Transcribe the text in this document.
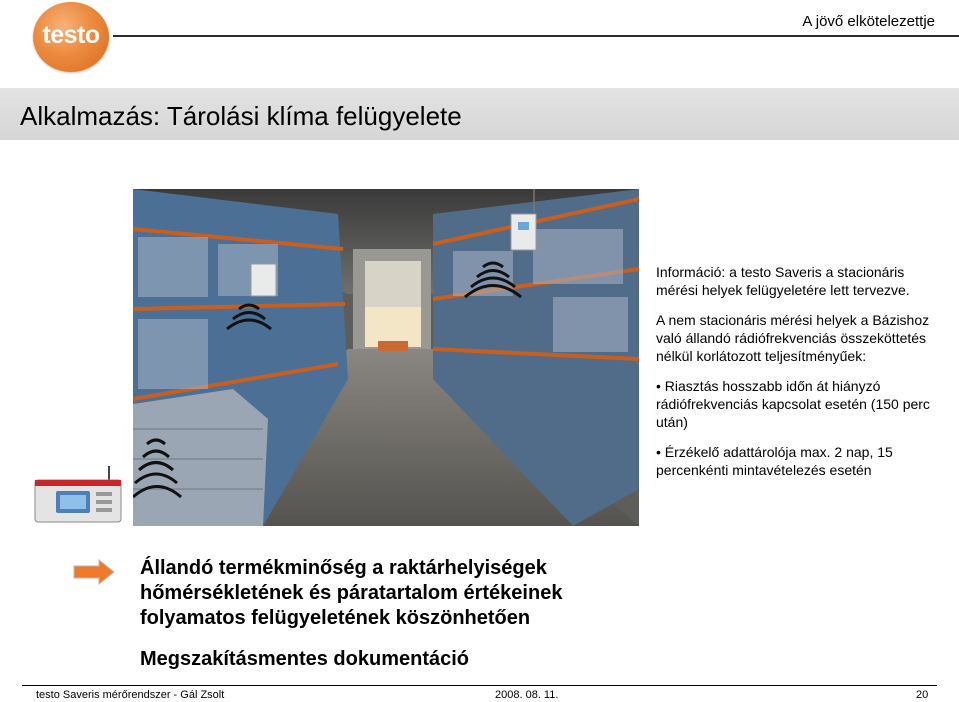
testo	A jövő elkötelezettje
Alkalmazás: Tárolási klíma felügyelete

Információ: a testo Saveris a stacionáris mérési helyek felügyeletére lett tervezve.

A nem stacionáris mérési helyek a Bázishoz való állandó rádiófrekvenciás összeköttetés nélkül korlátozott teljesítményűek:

• Riasztás hosszabb időn át hiányzó rádiófrekvenciás kapcsolat esetén (150 perc után)

• Érzékelő adattárolója max. 2 nap, 15 percenkénti mintavételezés esetén

Állandó termékminőség a raktárhelyiségek hőmérsékletének és páratartalom értékeinek folyamatos felügyeletének köszönhetően
Megszakításmentes dokumentáció
testo Saveris mérőrendszer - Gál Zsolt	2008. 08. 11.	20
